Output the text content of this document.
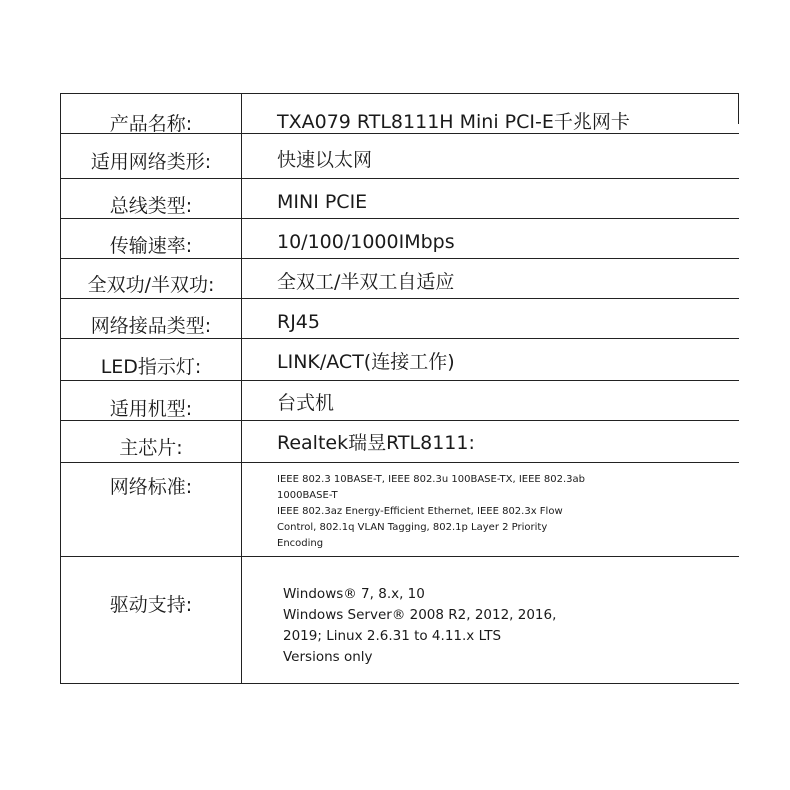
产品名称:	TXA079 RTL8111H Mini PCI-E千兆网卡
适用网络类形:	快速以太网
总线类型:	MINI PCIE
传输速率:	10/100/1000IMbps
全双功/半双功:	全双工/半双工自适应
网络接品类型:	RJ45
LED指示灯:	LINK/ACT(连接工作)
适用机型:	台式机
主芯片:	Realtek瑞昱RTL8111:
网络标准:	IEEE 802.3 10BASE-T, IEEE 802.3u 100BASE-TX, IEEE 802.3ab
1000BASE-T
IEEE 802.3az Energy-Efficient Ethernet, IEEE 802.3x Flow
Control, 802.1q VLAN Tagging, 802.1p Layer 2 Priority
Encoding
驱动支持:	Windows® 7, 8.x, 10
Windows Server® 2008 R2, 2012, 2016,
2019; Linux 2.6.31 to 4.11.x LTS
Versions only
